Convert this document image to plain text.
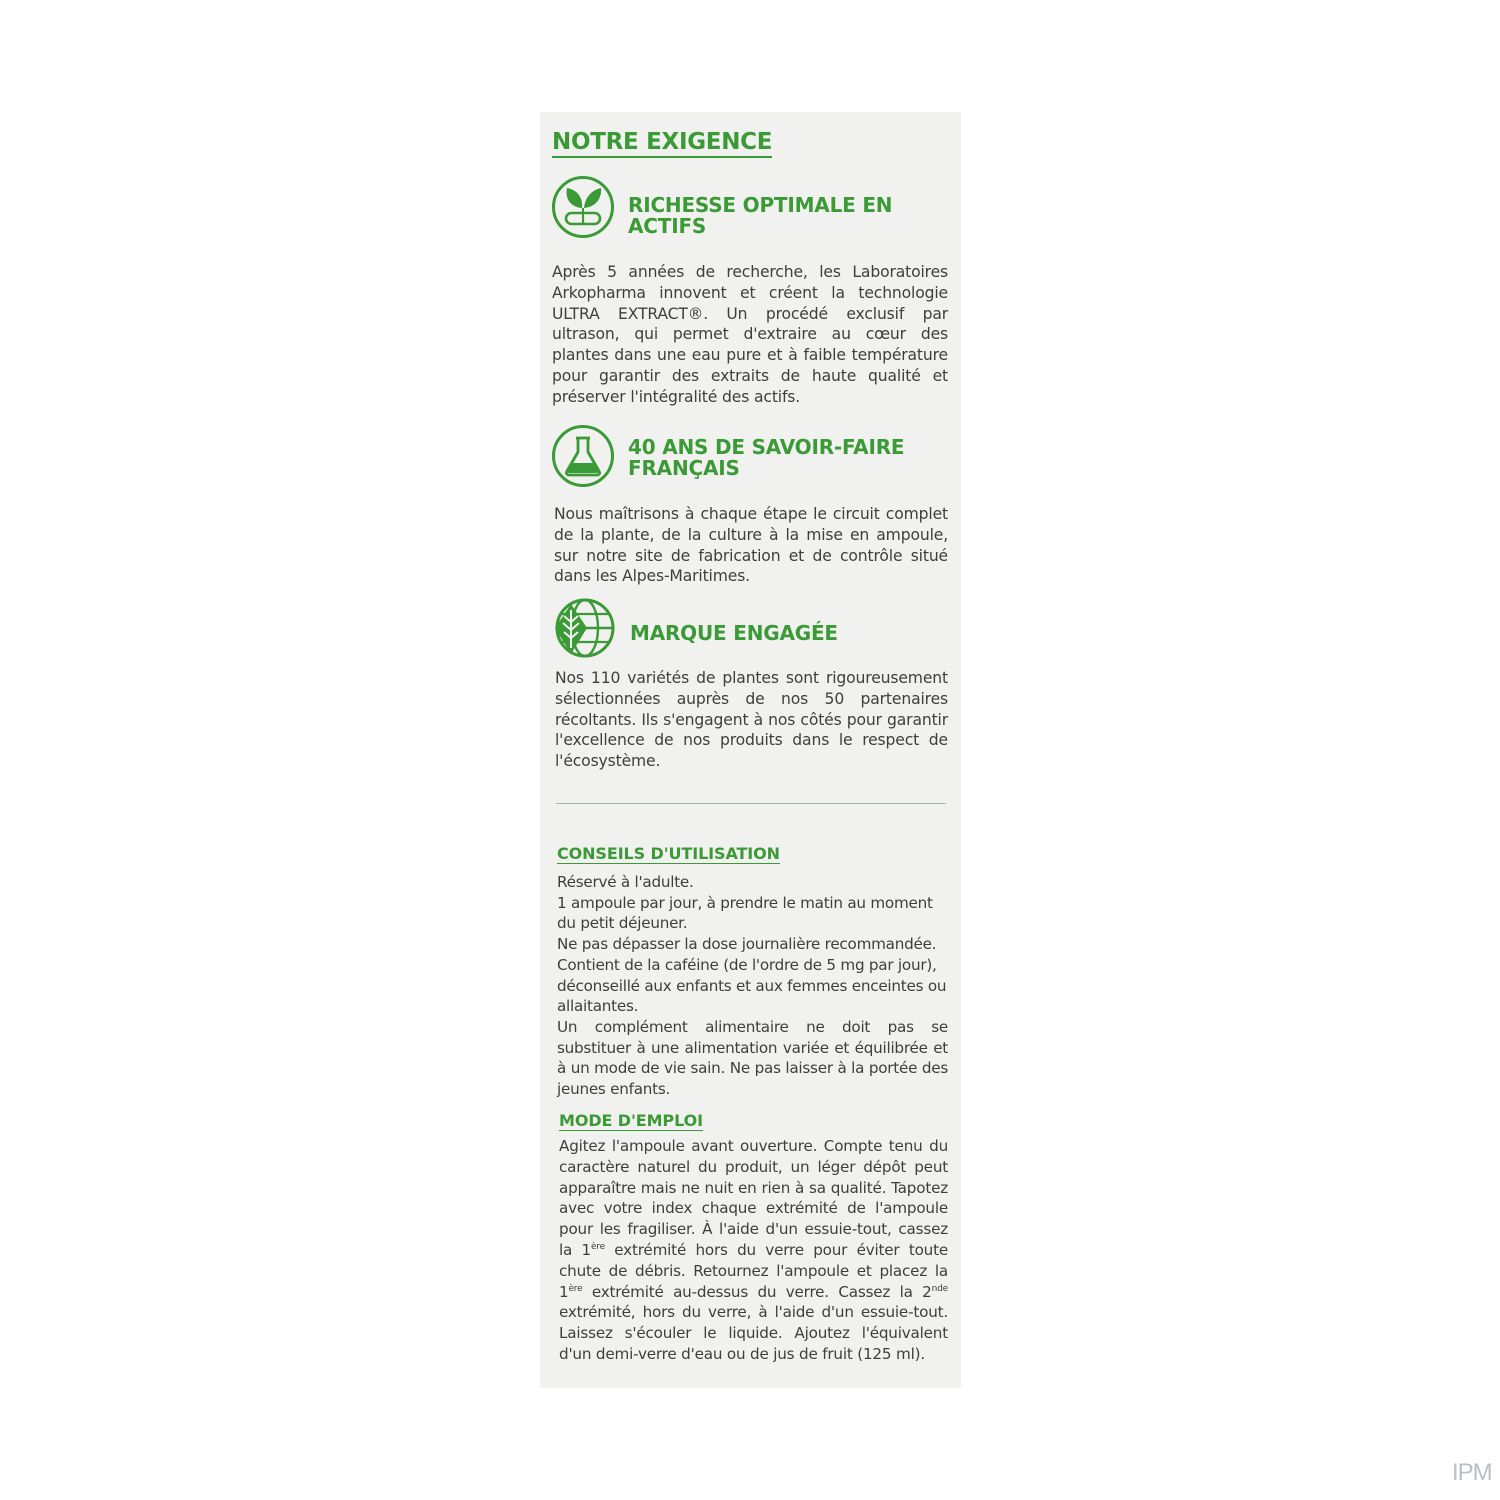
NOTRE EXIGENCE
RICHESSE OPTIMALE EN
ACTIFS

Après 5 années de recherche, les Laboratoires Arkopharma innovent et créent la technologie ULTRA EXTRACT®. Un procédé exclusif par ultrason, qui permet d'extraire au cœur des plantes dans une eau pure et à faible température pour garantir des extraits de haute qualité et préserver l'intégralité des actifs.

40 ANS DE SAVOIR-FAIRE
FRANÇAIS

Nous maîtrisons à chaque étape le circuit complet de la plante, de la culture à la mise en ampoule, sur notre site de fabrication et de contrôle situé dans les Alpes-Maritimes.

MARQUE ENGAGÉE

Nos 110 variétés de plantes sont rigoureusement sélectionnées auprès de nos 50 partenaires récoltants. Ils s'engagent à nos côtés pour garantir l'excellence de nos produits dans le respect de l'écosystème.

CONSEILS D'UTILISATION

Réservé à l'adulte.

1 ampoule par jour, à prendre le matin au moment du petit déjeuner.

Ne pas dépasser la dose journalière recommandée.

Contient de la caféine (de l'ordre de 5 mg par jour), déconseillé aux enfants et aux femmes enceintes ou allaitantes.

Un complément alimentaire ne doit pas se substituer à une alimentation variée et équilibrée et à un mode de vie sain. Ne pas laisser à la portée des jeunes enfants.

MODE D'EMPLOI
Agitez l'ampoule avant ouverture. Compte tenu du caractère naturel du produit, un léger dépôt peut apparaître mais ne nuit en rien à sa qualité. Tapotez avec votre index chaque extrémité de l'ampoule pour les fragiliser. À l'aide d'un essuie-tout, cassez la 1ère extrémité hors du verre pour éviter toute chute de débris. Retournez l'ampoule et placez la 1ère extrémité au-dessus du verre. Cassez la 2nde extrémité, hors du verre, à l'aide d'un essuie-tout. Laissez s'écouler le liquide. Ajoutez l'équivalent d'un demi-verre d'eau ou de jus de fruit (125 ml).
IPM
